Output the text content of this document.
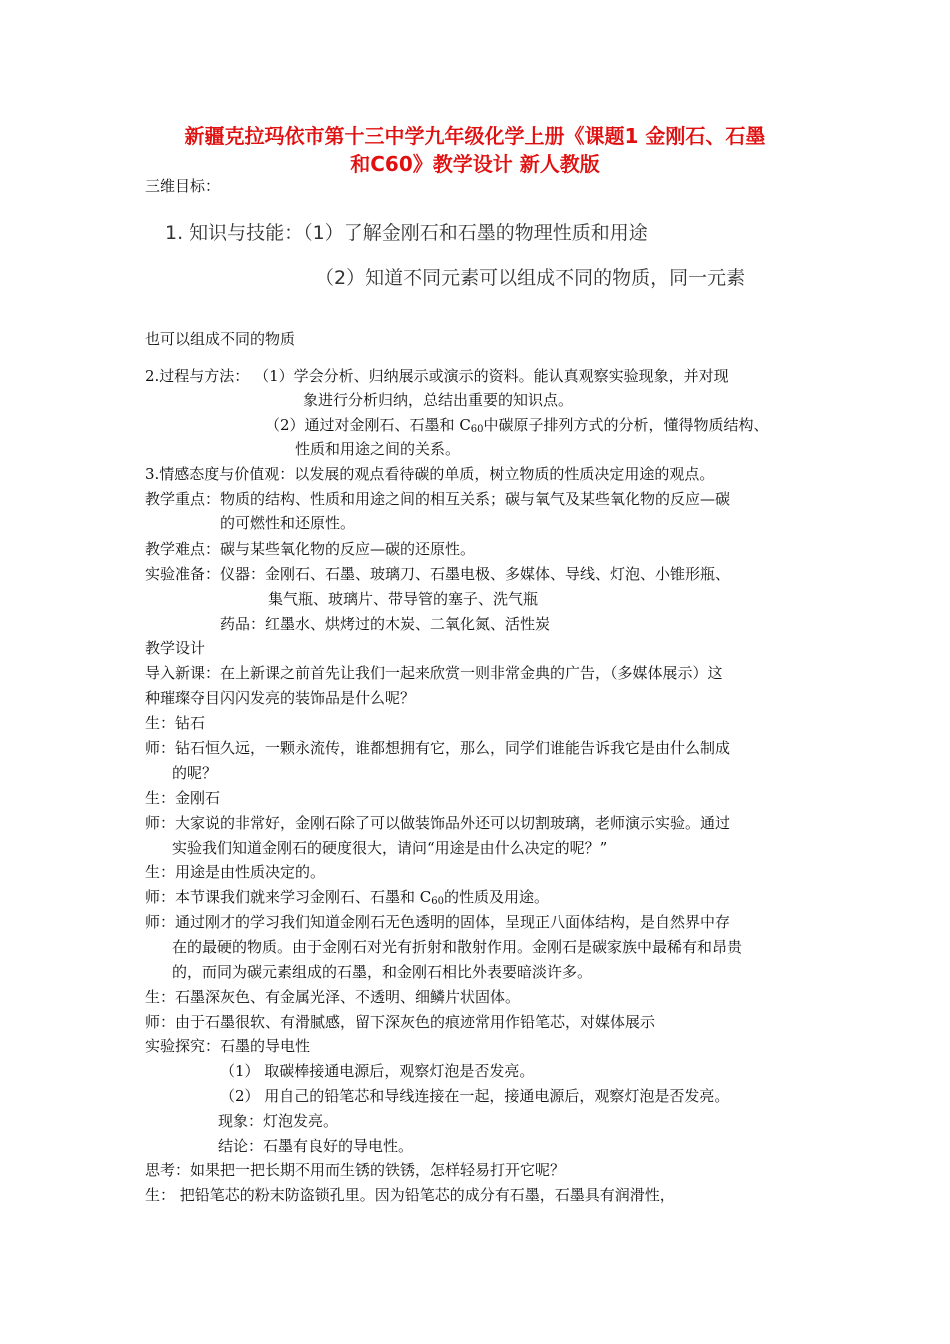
新疆克拉玛依市第十三中学九年级化学上册《课题1 金刚石、石墨
和C60》教学设计 新人教版
三维目标：
1. 知识与技能：（1）了解金刚石和石墨的物理性质和用途
（2）知道不同元素可以组成不同的物质，同一元素
也可以组成不同的物质
2.过程与方法： （1）学会分析、归纳展示或演示的资料。能认真观察实验现象，并对现
象进行分析归纳，总结出重要的知识点。
（2）通过对金刚石、石墨和 $C_{60}$中碳原子排列方式的分析，懂得物质结构、
性质和用途之间的关系。
3.情感态度与价值观：以发展的观点看待碳的单质，树立物质的性质决定用途的观点。
教学重点：物质的结构、性质和用途之间的相互关系；碳与氧气及某些氧化物的反应—碳
的可燃性和还原性。
教学难点：碳与某些氧化物的反应—碳的还原性。
实验准备：仪器：金刚石、石墨、玻璃刀、石墨电极、多媒体、导线、灯泡、小锥形瓶、
集气瓶、玻璃片、带导管的塞子、洗气瓶
药品：红墨水、烘烤过的木炭、二氧化氮、活性炭
教学设计
导入新课：在上新课之前首先让我们一起来欣赏一则非常金典的广告，（多媒体展示）这
种璀璨夺目闪闪发亮的装饰品是什么呢？
生：钻石
师：钻石恒久远，一颗永流传，谁都想拥有它，那么，同学们谁能告诉我它是由什么制成
的呢？
生：金刚石
师：大家说的非常好，金刚石除了可以做装饰品外还可以切割玻璃，老师演示实验。通过
实验我们知道金刚石的硬度很大，请问“用途是由什么决定的呢？”
生：用途是由性质决定的。
师：本节课我们就来学习金刚石、石墨和 $C_{60}$的性质及用途。
师：通过刚才的学习我们知道金刚石无色透明的固体，呈现正八面体结构，是自然界中存
在的最硬的物质。由于金刚石对光有折射和散射作用。金刚石是碳家族中最稀有和昂贵
的，而同为碳元素组成的石墨，和金刚石相比外表要暗淡许多。
生：石墨深灰色、有金属光泽、不透明、细鳞片状固体。
师：由于石墨很软、有滑腻感，留下深灰色的痕迹常用作铅笔芯，对媒体展示
实验探究：石墨的导电性
（1） 取碳棒接通电源后，观察灯泡是否发亮。
（2） 用自己的铅笔芯和导线连接在一起，接通电源后，观察灯泡是否发亮。
现象：灯泡发亮。
结论：石墨有良好的导电性。
思考：如果把一把长期不用而生锈的铁锈，怎样轻易打开它呢？
生： 把铅笔芯的粉末防盗锁孔里。因为铅笔芯的成分有石墨，石墨具有润滑性，
